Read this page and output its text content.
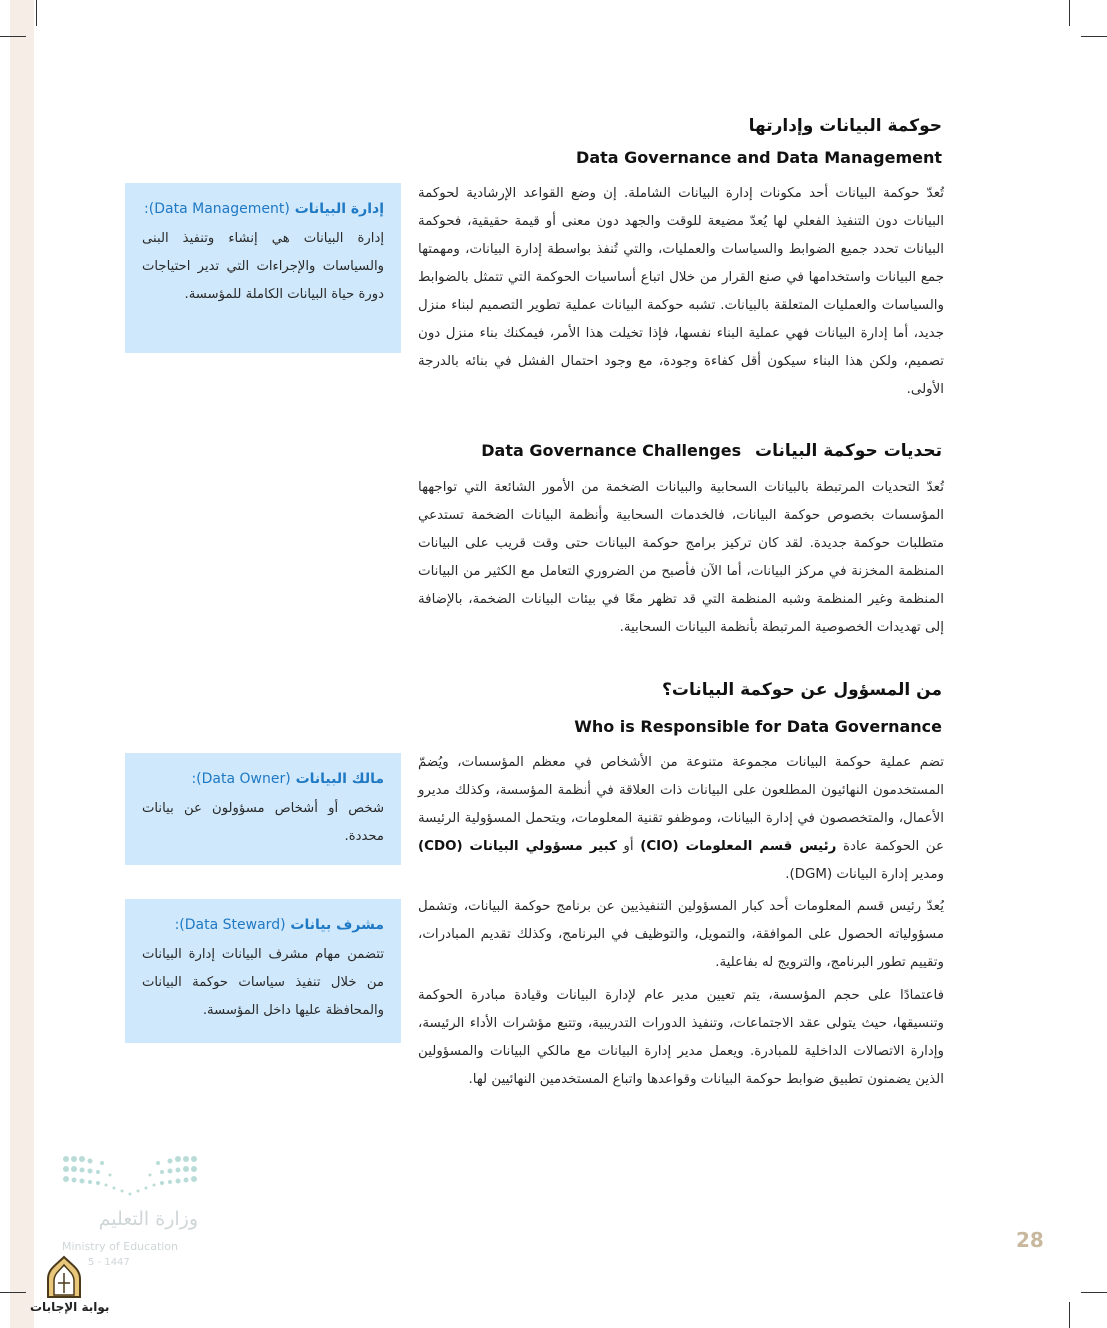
حوكمة البيانات وإدارتها
Data Governance and Data Management
تُعدّ حوكمة البيانات أحد مكونات إدارة البيانات الشاملة. إن وضع القواعد الإرشادية لحوكمة البيانات دون التنفيذ الفعلي لها يُعدّ مضيعة للوقت والجهد دون معنى أو قيمة حقيقية، فحوكمة البيانات تحدد جميع الضوابط والسياسات والعمليات، والتي تُنفذ بواسطة إدارة البيانات، ومهمتها جمع البيانات واستخدامها في صنع القرار من خلال اتباع أساسيات الحوكمة التي تتمثل بالضوابط والسياسات والعمليات المتعلقة بالبيانات. تشبه حوكمة البيانات عملية تطوير التصميم لبناء منزل جديد، أما إدارة البيانات فهي عملية البناء نفسها، فإذا تخيلت هذا الأمر، فيمكنك بناء منزل دون تصميم، ولكن هذا البناء سيكون أقل كفاءة وجودة، مع وجود احتمال الفشل في بنائه بالدرجة الأولى.
تحديات حوكمة البيانات Data Governance Challenges
تُعدّ التحديات المرتبطة بالبيانات السحابية والبيانات الضخمة من الأمور الشائعة التي تواجهها المؤسسات بخصوص حوكمة البيانات، فالخدمات السحابية وأنظمة البيانات الضخمة تستدعي متطلبات حوكمة جديدة. لقد كان تركيز برامج حوكمة البيانات حتى وقت قريب على البيانات المنظمة المخزنة في مركز البيانات، أما الآن فأصبح من الضروري التعامل مع الكثير من البيانات المنظمة وغير المنظمة وشبه المنظمة التي قد تظهر معًا في بيئات البيانات الضخمة، بالإضافة إلى تهديدات الخصوصية المرتبطة بأنظمة البيانات السحابية.
من المسؤول عن حوكمة البيانات؟
Who is Responsible for Data Governance
تضم عملية حوكمة البيانات مجموعة متنوعة من الأشخاص في معظم المؤسسات، ويُضمّ المستخدمون النهائيون المطلعون على البيانات ذات العلاقة في أنظمة المؤسسة، وكذلك مديرو الأعمال، والمتخصصون في إدارة البيانات، وموظفو تقنية المعلومات، ويتحمل المسؤولية الرئيسة عن الحوكمة عادة رئيس قسم المعلومات (CIO) أو كبير مسؤولي البيانات (CDO) ومدير إدارة البيانات (DGM).
يُعدّ رئيس قسم المعلومات أحد كبار المسؤولين التنفيذيين عن برنامج حوكمة البيانات، وتشمل مسؤولياته الحصول على الموافقة، والتمويل، والتوظيف في البرنامج، وكذلك تقديم المبادرات، وتقييم تطور البرنامج، والترويج له بفاعلية.
فاعتمادًا على حجم المؤسسة، يتم تعيين مدير عام لإدارة البيانات وقيادة مبادرة الحوكمة وتنسيقها، حيث يتولى عقد الاجتماعات، وتنفيذ الدورات التدريبية، وتتبع مؤشرات الأداء الرئيسة، وإدارة الاتصالات الداخلية للمبادرة. ويعمل مدير إدارة البيانات مع مالكي البيانات والمسؤولين الذين يضمنون تطبيق ضوابط حوكمة البيانات وقواعدها واتباع المستخدمين النهائيين لها.
إدارة البيانات (Data Management):
إدارة البيانات هي إنشاء وتنفيذ البنى والسياسات والإجراءات التي تدير احتياجات دورة حياة البيانات الكاملة للمؤسسة.
مالك البيانات (Data Owner):
شخص أو أشخاص مسؤولون عن بيانات محددة.
مشرف بيانات (Data Steward):
تتضمن مهام مشرف البيانات إدارة البيانات من خلال تنفيذ سياسات حوكمة البيانات والمحافظة عليها داخل المؤسسة.
28
وزارة التعليم
Ministry of Education
5 - 1447
بوابة الإجابات
